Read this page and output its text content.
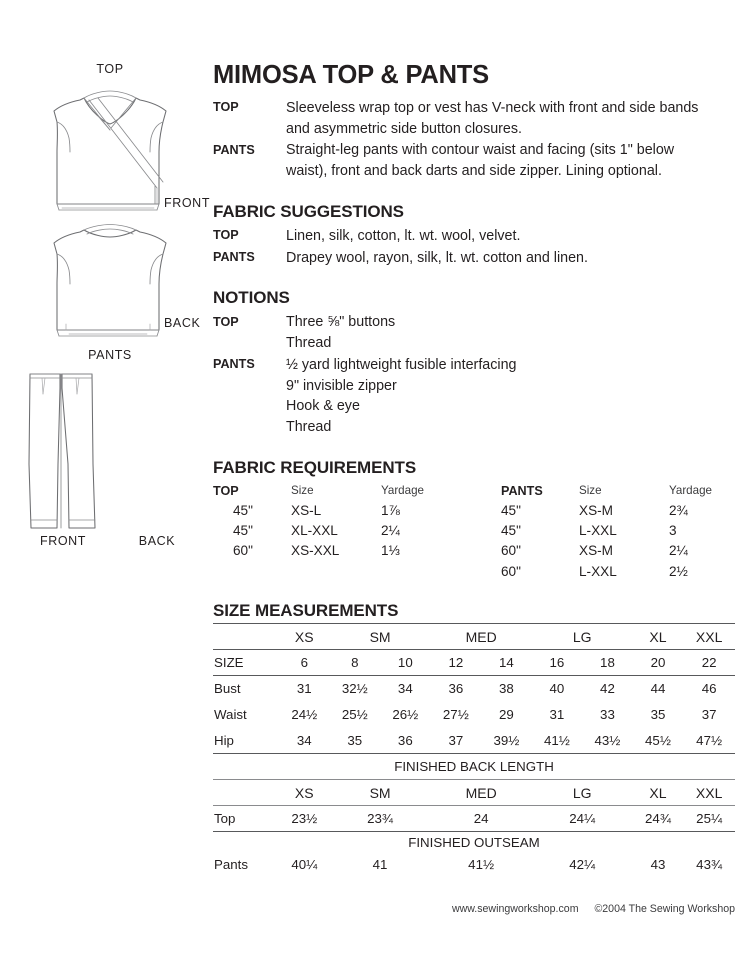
TOP
FRONT
BACK
PANTS
FRONT	BACK
MIMOSA TOP & PANTS
TOP	Sleeveless wrap top or vest has V-neck with front and side bands
and asymmetric side button closures.
PANTS	Straight-leg pants with contour waist and facing (sits 1" below
waist), front and back darts and side zipper. Lining optional.
FABRIC SUGGESTIONS
TOP	Linen, silk, cotton, lt. wt. wool, velvet.
PANTS	Drapey wool, rayon, silk, lt. wt. cotton and linen.
NOTIONS
TOP	Three ⅝" buttons
Thread
PANTS	½ yard lightweight fusible interfacing
9" invisible zipper
Hook & eye
Thread
FABRIC REQUIREMENTS
TOP	Size	Yardage
45"	XS-L	1⅞
45"	XL-XXL	2¼
60"	XS-XXL	1⅓
PANTS	Size	Yardage
45"	XS-M	2¾
45"	L-XXL	3
60"	XS-M	2¼
60"	L-XXL	2½
SIZE MEASUREMENTS
	XS	SM		MED		LG		XL	XXL
SIZE	6	8	10	12	14	16	18	20	22
Bust	31	32½	34	36	38	40	42	44	46
Waist	24½	25½	26½	27½	29	31	33	35	37
Hip	34	35	36	37	39½	41½	43½	45½	47½
FINISHED BACK LENGTH									
	XS	SM		MED		LG		XL	XXL
Top	23½	23¾		24		24¼		24¾	25¼
FINISHED OUTSEAM									
Pants	40¼	41		41½		42¼		43	43¾
www.sewingworkshop.com ©2004 The Sewing Workshop
